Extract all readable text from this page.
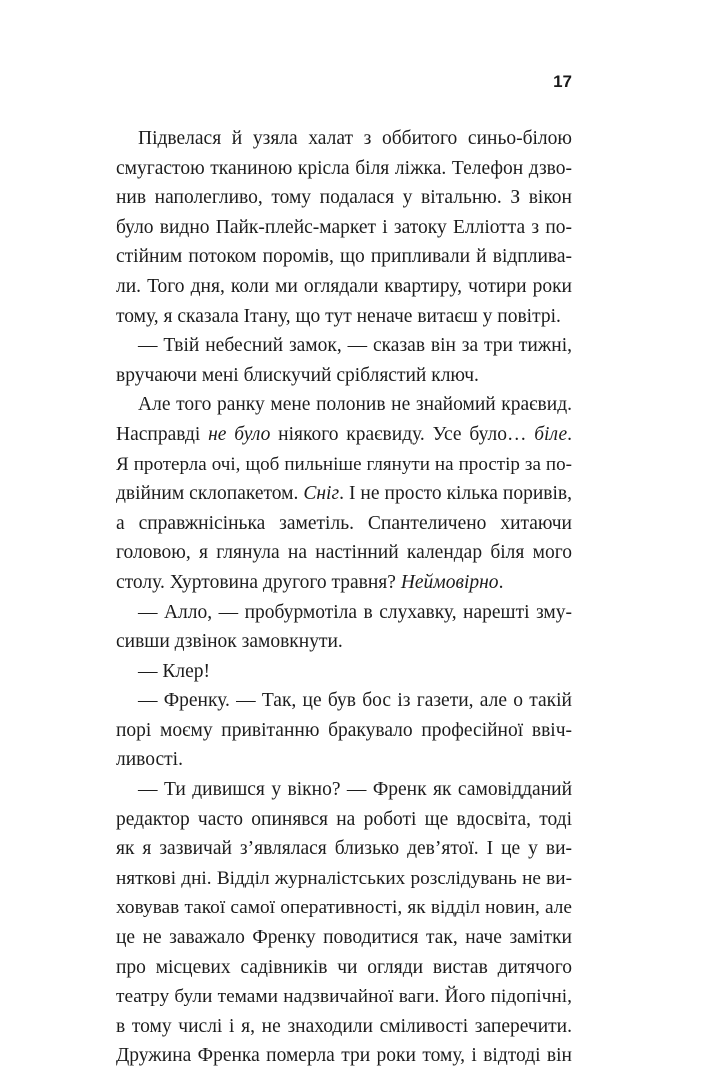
17
Підвелася й узяла халат з оббитого синьо-білою
смугастою тканиною крісла біля ліжка. Телефон дзво-
нив наполегливо, тому подалася у вітальню. З вікон
було видно Пайк-плейс-маркет і затоку Еллiотта з по-
стійним потоком поромів, що припливали й відплива-
ли. Того дня, коли ми оглядали квартиру, чотири роки
тому, я сказала Ітану, що тут неначе витаєш у повітрі.
— Твій небесний замок, — сказав він за три тижні,
вручаючи мені блискучий сріблястий ключ.
Але того ранку мене полонив не знайомий краєвид.
Насправді не було ніякого краєвиду. Усе було… біле.
Я протерла очі, щоб пильніше глянути на простір за по-
двійним склопакетом. Сніг. І не просто кілька поривів,
а справжнісінька заметіль. Спантеличено хитаючи
головою, я глянула на настінний календар біля мого
столу. Хуртовина другого травня? Неймовірно.
— Алло, — пробурмотіла в слухавку, нарешті зму-
сивши дзвінок замовкнути.
— Клер!
— Френку. — Так, це був бос із газети, але о такій
порі моєму привітанню бракувало професійної ввіч-
ливості.
— Ти дивишся у вікно? — Френк як самовідданий
редактор часто опинявся на роботі ще вдосвіта, тоді
як я зазвичай з’являлася близько дев’ятої. І це у ви-
няткові дні. Відділ журналістських розслідувань не ви-
ховував такої самої оперативності, як відділ новин, але
це не заважало Френку поводитися так, наче замітки
про місцевих садівників чи огляди вистав дитячого
театру були темами надзвичайної ваги. Його підопічні,
в тому числі і я, не знаходили сміливості заперечити.
Дружина Френка померла три роки тому, і відтоді він
